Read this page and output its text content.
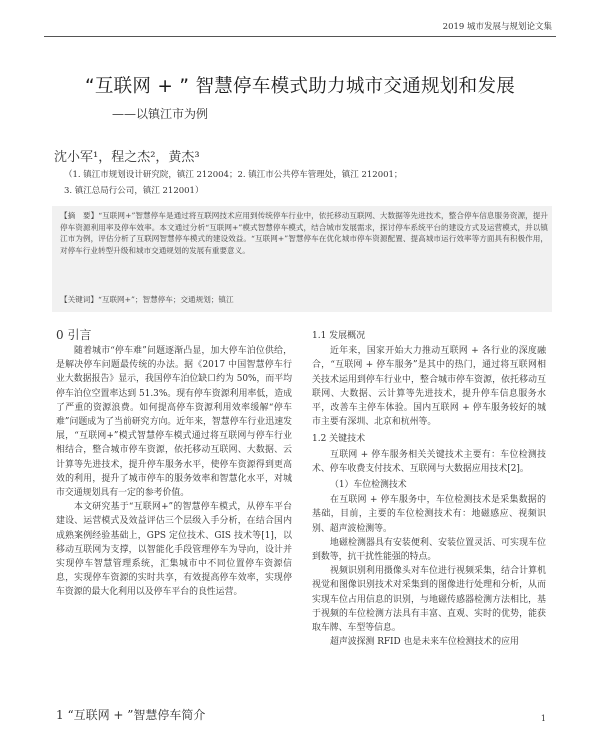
2019 城市发展与规划论文集
“互联网 + ” 智慧停车模式助力城市交通规划和发展
——以镇江市为例
沈小军¹，程之杰²，黄杰³
（1. 镇江市规划设计研究院，镇江 212004；2. 镇江市公共停车管理处，镇江 212001；
3. 镇江总局行公司，镇江 212001）
【摘　要】“互联网+”智慧停车是通过将互联网技术应用到传统停车行业中，依托移动互联网、大数据等先进技术，整合停车信息服务资源，提升停车资源利用率及停车效率。本文通过分析“互联网+”模式智慧停车模式，结合城市发展需求，探讨停车系统平台的建设方式及运营模式，并以镇江市为例，评估分析了互联网智慧停车模式的建设效益。“互联网+”智慧停车在优化城市停车资源配置、提高城市运行效率等方面具有积极作用，对停车行业转型升级和城市交通规划的发展有重要意义。
【关键词】“互联网+”；智慧停车；交通规划；镇江
0 引言

随着城市“停车难”问题逐渐凸显，加大停车泊位供给，是解决停车问题最传统的办法。据《2017 中国智慧停车行业大数据报告》显示，我国停车泊位缺口约为 50%，而平均停车泊位空置率达到 51.3%。现有停车资源利用率低，造成了严重的资源浪费。如何提高停车资源利用效率缓解“停车难”问题成为了当前研究方向。近年来，智慧停车行业迅速发展，“互联网+”模式智慧停车模式通过将互联网与停车行业相结合，整合城市停车资源，依托移动互联网、大数据、云计算等先进技术，提升停车服务水平，使停车资源得到更高效的利用，提升了城市停车的服务效率和智慧化水平，对城市交通规划具有一定的参考价值。

本文研究基于“互联网+”的智慧停车模式，从停车平台建设、运营模式及效益评估三个层级入手分析，在结合国内成熟案例经验基础上，GPS 定位技术、GIS 技术等[1]，以移动互联网为支撑，以智能化手段管理停车为导向，设计并实现停车智慧管理系统，汇集城市中不同位置停车资源信息，实现停车资源的实时共享，有效提高停车效率，实现停车资源的最大化利用以及停车平台的良性运营。

1 “互联网 + ”智慧停车简介

1.1 发展概况

近年来，国家开始大力推动互联网 + 各行业的深度融合，“互联网 + 停车服务”是其中的热门，通过将互联网相关技术运用到停车行业中，整合城市停车资源，依托移动互联网、大数据、云计算等先进技术，提升停车信息服务水平，改善车主停车体验。国内互联网 + 停车服务较好的城市主要有深圳、北京和杭州等。

1.2 关键技术

互联网 + 停车服务相关关键技术主要有：车位检测技术、停车收费支付技术、互联网与大数据应用技术[2]。

（1）车位检测技术

在互联网 + 停车服务中，车位检测技术是采集数据的基础，目前，主要的车位检测技术有：地磁感应、视频识别、超声波检测等。

地磁检测器具有安装便利、安装位置灵活、可实现车位到数等，抗干扰性能强的特点。

视频识别利用摄像头对车位进行视频采集，结合计算机视觉和图像识别技术对采集到的图像进行处理和分析，从而实现车位占用信息的识别，与地磁传感器检测方法相比，基于视频的车位检测方法具有丰富、直观、实时的优势，能获取车牌、车型等信息。

超声波探测 RFID 也是未来车位检测技术的应用

1
